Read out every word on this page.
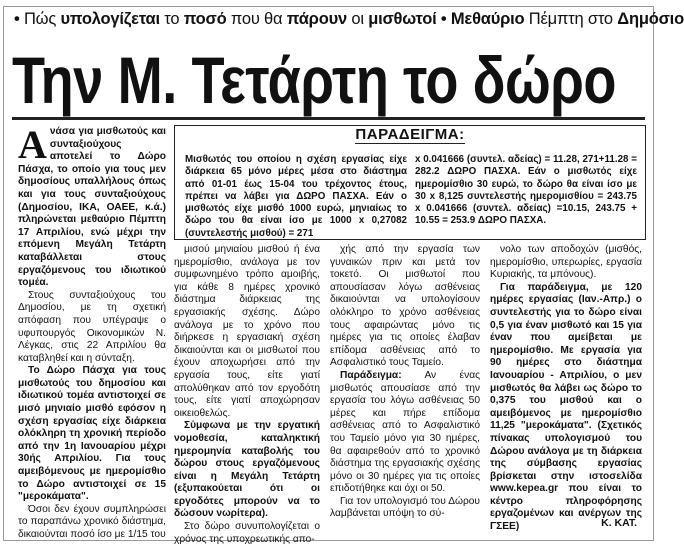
• Πώς υπολογίζεται το ποσό που θα πάρουν οι μισθωτοί • Μεθαύριο Πέμπτη στο Δημόσιο
Την Μ. Τετάρτη το δώρο
Α νάσα για μισθωτούς και συνταξιούχους αποτελεί το Δώρο Πάσχα, το οποίο για τους μεν δημοσίους υπαλλήλους όπως και για τους συνταξιούχους (Δημοσίου, ΙΚΑ, ΟΑΕΕ, κ.ά.) πληρώνεται μεθαύριο Πέμπτη 17 Απριλίου, ενώ μέχρι την επόμενη Μεγάλη Τετάρτη καταβάλλεται στους εργαζόμενους του ιδιωτικού τομέα.

Στους συνταξιούχους του Δημοσίου, με τη σχετική απόφαση που υπέγραψε ο υφυπουργός Οικονομικών Ν. Λέγκας, στις 22 Απριλίου θα καταβληθεί και η σύνταξη.

Το Δώρο Πάσχα για τους μισθωτούς του δημοσίου και ιδιωτικού τομέα αντιστοιχεί σε μισό μηνιαίο μισθό εφόσον η σχέση εργασίας είχε διάρκεια ολόκληρη τη χρονική περίοδο από την 1η Ιανουαρίου μέχρι 30ής Απριλίου. Για τους αμειβόμενους με ημερομίσθιο το Δώρο αντιστοιχεί σε 15 "μεροκάματα".

Όσοι δεν έχουν συμπληρώσει το παραπάνω χρονικό διάστημα, δικαιούνται ποσό ίσο με 1/15 του

ΠΑΡΑΔΕΙΓΜΑ:
Μισθωτός του οποίου η σχέση εργασίας είχε διάρκεια 65 μόνο μέρες μέσα στο διάστημα από 01-01 έως 15-04 του τρέχοντος έτους, πρέπει να λάβει για ΔΩΡΟ ΠΑΣΧΑ. Εάν ο μισθωτός είχε μισθό 1000 ευρώ, μηνιαίως το δώρο του θα είναι ίσο με 1000 x 0,27082 (συντελεστής μισθού) = 271
x 0.041666 (συντελ. αδείας) = 11.28, 271+11.28 = 282.2 ΔΩΡΟ ΠΑΣΧΑ. Εάν ο μισθωτός είχε ημερομίσθιο 30 ευρώ, το δώρο θα είναι ίσο με 30 x 8,125 συντελεστής ημερομισθίου = 243.75 x 0.041666 (συντελ. αδείας) =10.15, 243.75 + 10.55 = 253.9 ΔΩΡΟ ΠΑΣΧΑ.

μισού μηνιαίου μισθού ή ένα ημερομίσθιο, ανάλογα με τον συμφωνημένο τρόπο αμοιβής, για κάθε 8 ημέρες χρονικό διάστημα διάρκειας της εργασιακής σχέσης. Δώρο ανάλογα με το χρόνο που διήρκεσε η εργασιακή σχέση δικαιούνται και οι μισθωτοί που έχουν αποχωρήσει από την εργασία τους, είτε γιατί απολύθηκαν από τον εργοδότη τους, είτε γιατί αποχώρησαν οικειοθελώς.

Σύμφωνα με την εργατική νομοθεσία, καταληκτική ημερομηνία καταβολής του δώρου στους εργαζόμενους είναι η Μεγάλη Τετάρτη (εξυπακούεται ότι οι εργοδότες μπορούν να το δώσουν νωρίτερα).

Στο δώρο συνυπολογίζεται ο χρόνος της υποχρεωτικής απο-

χής από την εργασία των γυναικών πριν και μετά τον τοκετό. Οι μισθωτοί που απουσίασαν λόγω ασθένειας δικαιούνται να υπολογίσουν ολόκληρο το χρόνο ασθένειας τους αφαιρώντας μόνο τις ημέρες για τις οποίες έλαβαν επίδομα ασθένειας από το Ασφαλιστικό τους Ταμείο.

Παράδειγμα: Αν ένας μισθωτός απουσίασε από την εργασία του λόγω ασθένειας 50 μέρες και πήρε επίδομα ασθένειας από το Ασφαλιστικό του Ταμείο μόνο για 30 ημέρες, θα αφαιρεθούν από το χρονικό διάστημα της εργασιακής σχέσης μόνο οι 30 ημέρες για τις οποίες επιδοτήθηκε και όχι οι 50.

Για τον υπολογισμό του Δώρου λαμβάνεται υπόψη το σύ-

νολο των αποδοχών (μισθός, ημερομίσθιο, υπερωρίες, εργασία Κυριακής, τα μπόνους).

Για παράδειγμα, με 120 ημέρες εργασίας (Ιαν.-Απρ.) ο συντελεστής για το δώρο είναι 0,5 για έναν μισθωτό και 15 για έναν που αμείβεται με ημερομίσθιο. Με εργασία για 90 ημέρες στο διάστημα Ιανουαρίου - Απριλίου, ο μεν μισθωτός θα λάβει ως δώρο το 0,375 του μισθού και ο αμειβόμενος με ημερομίσθιο 11,25 "μεροκάματα". (Σχετικός πίνακας υπολογισμού του Δώρου ανάλογα με τη διάρκεια της σύμβασης εργασίας βρίσκεται στην ιστοσελίδα www.kepea.gr που είναι το κέντρο πληροφόρησης εργαζομένων και ανέργων της ΓΣΕΕ)	Κ. ΚΑΤ.
